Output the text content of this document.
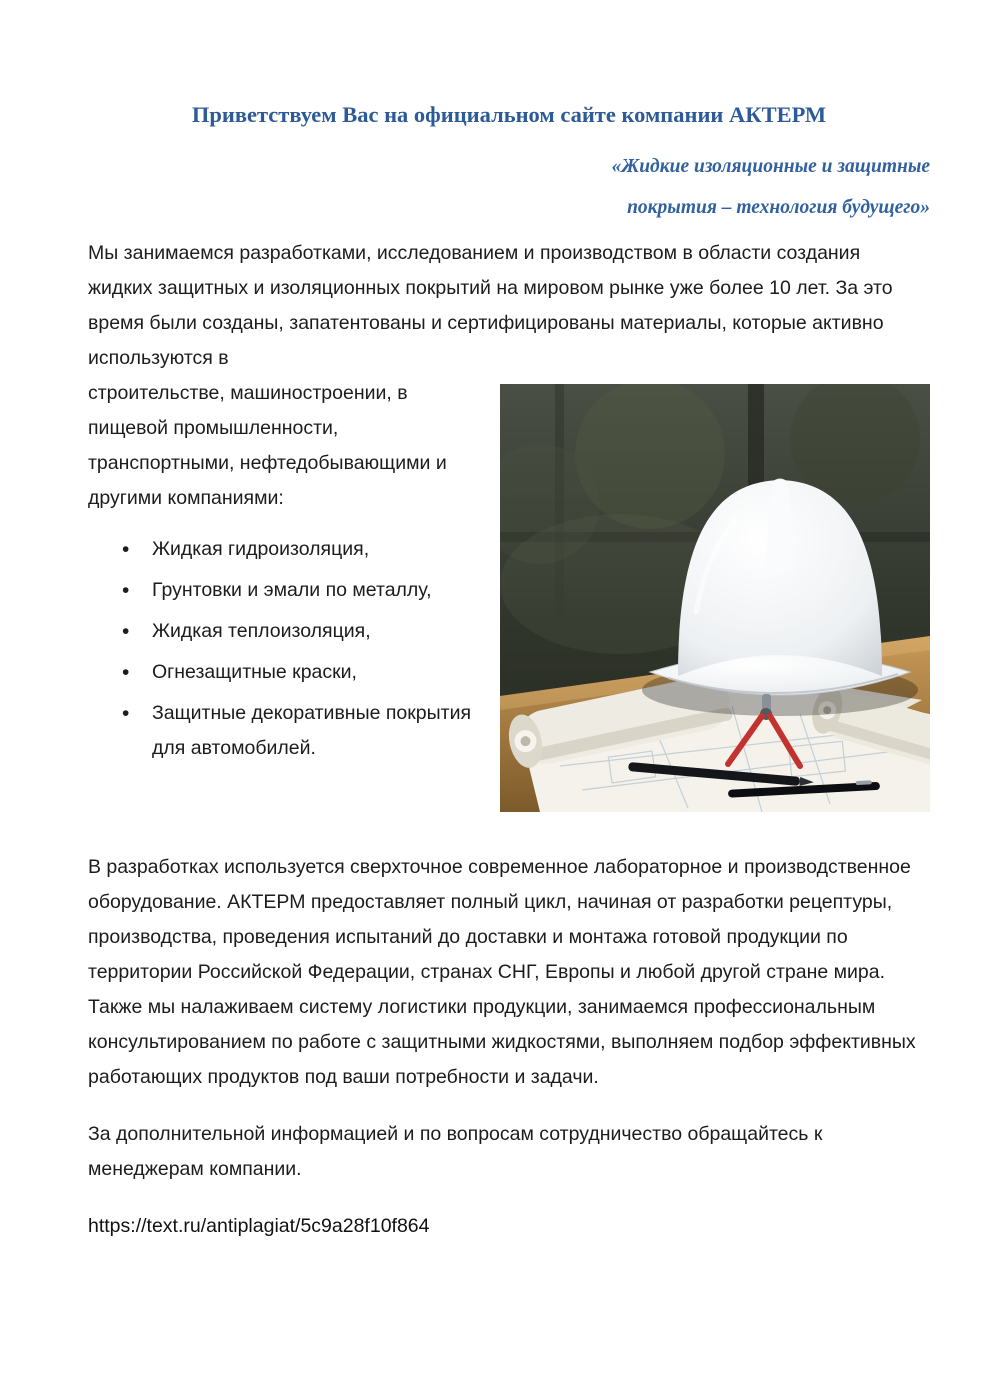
Приветствуем Вас на официальном сайте компании АКТЕРМ
«Жидкие изоляционные и защитные
покрытия – технология будущего»

Мы занимаемся разработками, исследованием и производством в области создания жидких защитных и изоляционных покрытий на мировом рынке уже более 10 лет. За это время были созданы, запатентованы и сертифицированы материалы, которые активно используются в

строительстве, машиностроении, в пищевой промышленности, транспортными, нефтедобывающими и другими компаниями:

• Жидкая гидроизоляция,
• Грунтовки и эмали по металлу,
• Жидкая теплоизоляция,
• Огнезащитные краски,
• Защитные декоративные покрытия для автомобилей.

В разработках используется сверхточное современное лабораторное и производственное оборудование. АКТЕРМ предоставляет полный цикл, начиная от разработки рецептуры, производства, проведения испытаний до доставки и монтажа готовой продукции по территории Российской Федерации, странах СНГ, Европы и любой другой стране мира. Также мы налаживаем систему логистики продукции, занимаемся профессиональным консультированием по работе с защитными жидкостями, выполняем подбор эффективных работающих продуктов под ваши потребности и задачи.

За дополнительной информацией и по вопросам сотрудничество обращайтесь к менеджерам компании.

https://text.ru/antiplagiat/5c9a28f10f864
